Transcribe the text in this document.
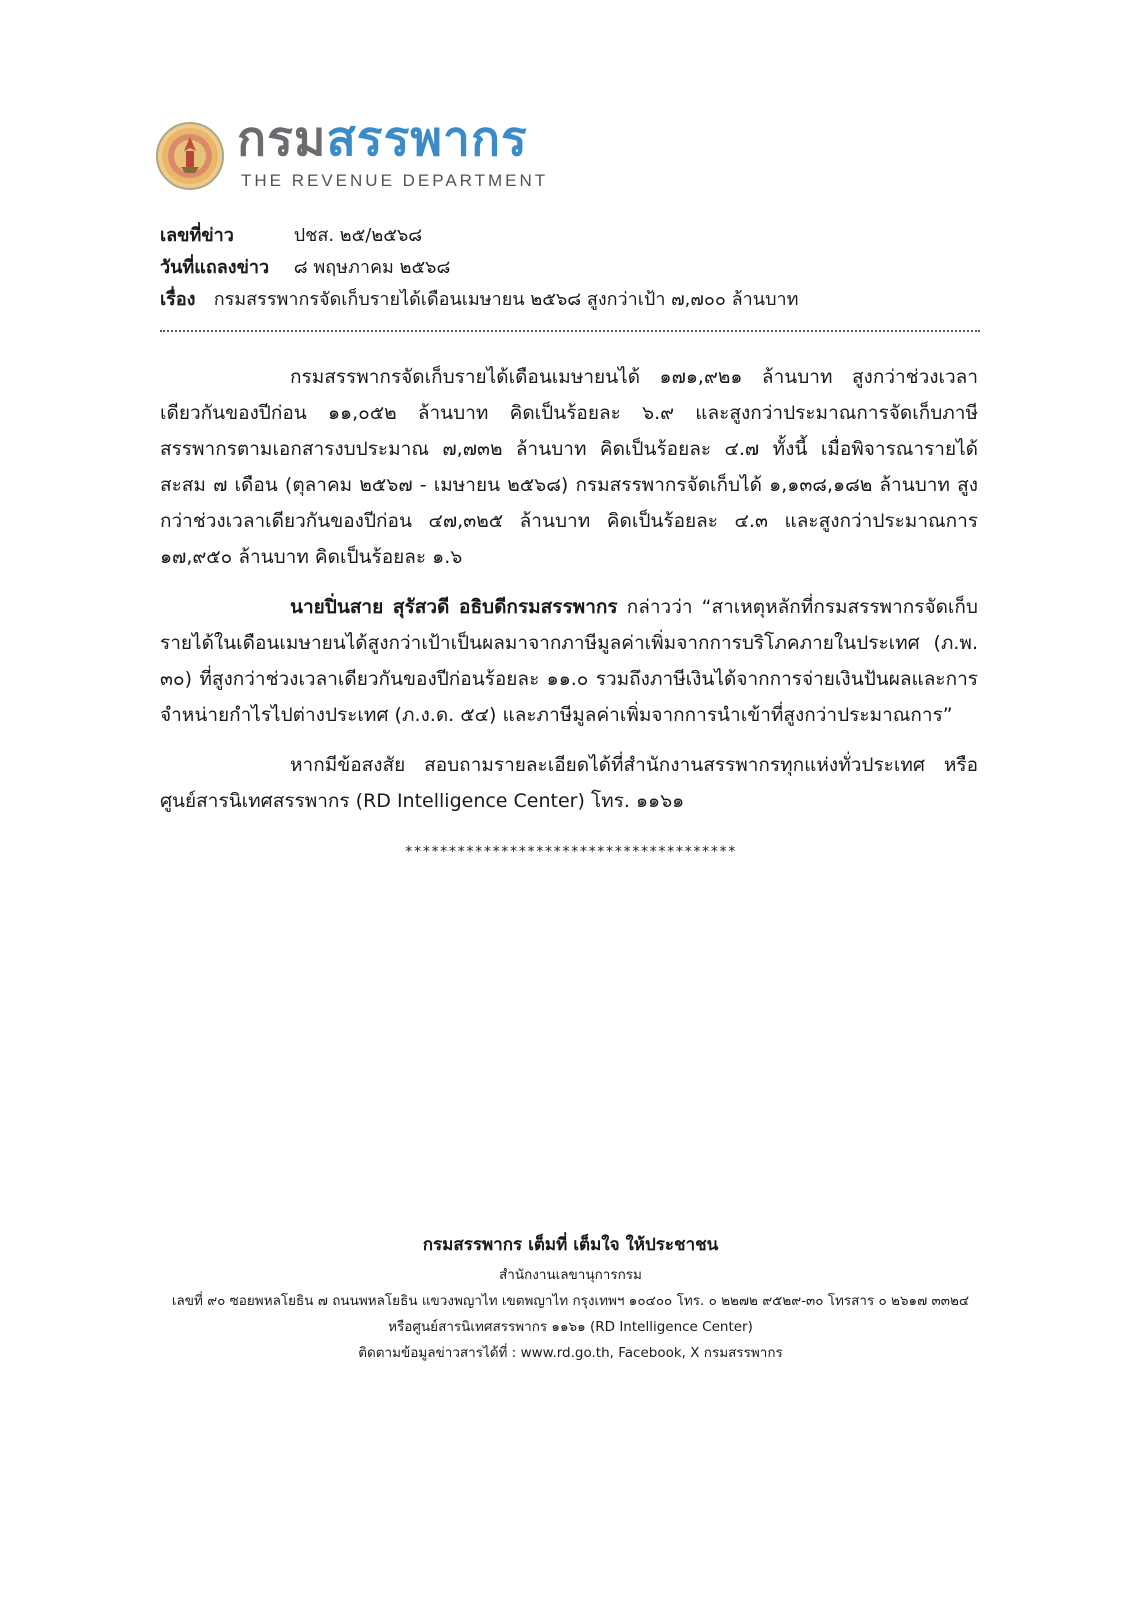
กรมสรรพากร
THE REVENUE DEPARTMENT
เลขที่ข่าว	ปชส. ๒๕/๒๕๖๘
วันที่แถลงข่าว ๘ พฤษภาคม ๒๕๖๘
เรื่อง กรมสรรพากรจัดเก็บรายได้เดือนเมษายน ๒๕๖๘ สูงกว่าเป้า ๗,๗๐๐ ล้านบาท

กรมสรรพากรจัดเก็บรายได้เดือนเมษายนได้ ๑๗๑,๙๒๑ ล้านบาท สูงกว่าช่วงเวลาเดียวกันของปีก่อน ๑๑,๐๕๒ ล้านบาท คิดเป็นร้อยละ ๖.๙ และสูงกว่าประมาณการจัดเก็บภาษีสรรพากรตามเอกสารงบประมาณ ๗,๗๓๒ ล้านบาท คิดเป็นร้อยละ ๔.๗ ทั้งนี้ เมื่อพิจารณารายได้สะสม ๗ เดือน (ตุลาคม ๒๕๖๗ - เมษายน ๒๕๖๘) กรมสรรพากรจัดเก็บได้ ๑,๑๓๘,๑๘๒ ล้านบาท สูงกว่าช่วงเวลาเดียวกันของปีก่อน ๔๗,๓๒๕ ล้านบาท คิดเป็นร้อยละ ๔.๓ และสูงกว่าประมาณการ ๑๗,๙๕๐ ล้านบาท คิดเป็นร้อยละ ๑.๖

นายปิ่นสาย สุรัสวดี อธิบดีกรมสรรพากร กล่าวว่า “สาเหตุหลักที่กรมสรรพากรจัดเก็บรายได้ในเดือนเมษายนได้สูงกว่าเป้าเป็นผลมาจากภาษีมูลค่าเพิ่มจากการบริโภคภายในประเทศ (ภ.พ. ๓๐) ที่สูงกว่าช่วงเวลาเดียวกันของปีก่อนร้อยละ ๑๑.๐ รวมถึงภาษีเงินได้จากการจ่ายเงินปันผลและการจำหน่ายกำไรไปต่างประเทศ (ภ.ง.ด. ๕๔) และภาษีมูลค่าเพิ่มจากการนำเข้าที่สูงกว่าประมาณการ”

หากมีข้อสงสัย สอบถามรายละเอียดได้ที่สำนักงานสรรพากรทุกแห่งทั่วประเทศ หรือศูนย์สารนิเทศสรรพากร (RD Intelligence Center) โทร. ๑๑๖๑

**************************************
กรมสรรพากร เต็มที่ เต็มใจ ให้ประชาชน
สำนักงานเลขานุการกรม
เลขที่ ๙๐ ซอยพหลโยธิน ๗ ถนนพหลโยธิน แขวงพญาไท เขตพญาไท กรุงเทพฯ ๑๐๔๐๐ โทร. ๐ ๒๒๗๒ ๙๕๒๙-๓๐ โทรสาร ๐ ๒๖๑๗ ๓๓๒๔
หรือศูนย์สารนิเทศสรรพากร ๑๑๖๑ (RD Intelligence Center)
ติดตามข้อมูลข่าวสารได้ที่ : www.rd.go.th, Facebook, X กรมสรรพากร
